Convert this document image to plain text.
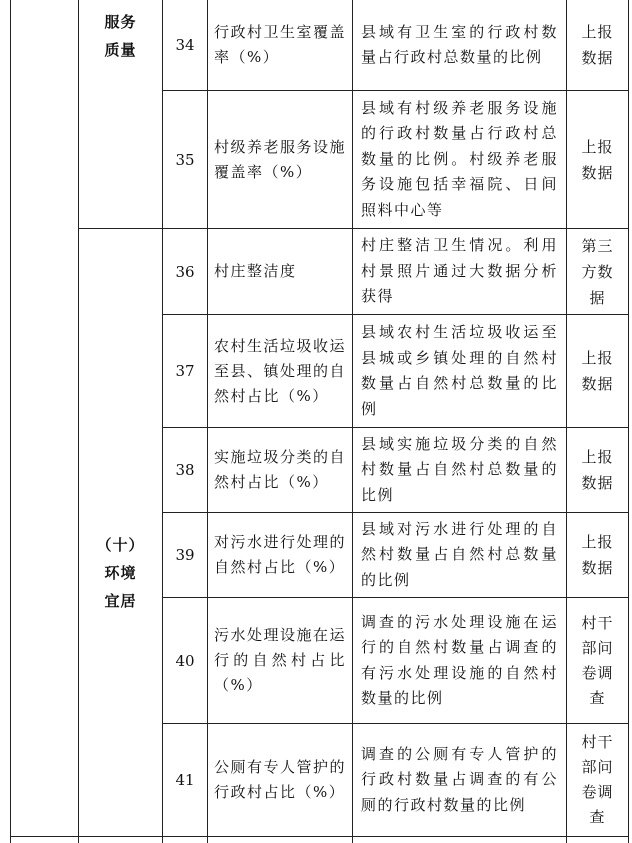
服务
质量
（十）
环境
宜居
34
行政村卫生室覆盖率（%）
县域有卫生室的行政村数量占行政村总数量的比例
上报
数据
35
村级养老服务设施覆盖率（%）
县域有村级养老服务设施的行政村数量占行政村总数量的比例。村级养老服务设施包括幸福院、日间照料中心等
上报
数据
36 村庄整洁度
村庄整洁卫生情况。利用村景照片通过大数据分析获得
第三
方数
据
37
农村生活垃圾收运至县、镇处理的自然村占比（%）
县域农村生活垃圾收运至县城或乡镇处理的自然村数量占自然村总数量的比例
上报
数据
38
实施垃圾分类的自然村占比（%）
县域实施垃圾分类的自然村数量占自然村总数量的比例
上报
数据
39
对污水进行处理的自然村占比（%）
县域对污水进行处理的自然村数量占自然村总数量的比例
上报
数据
40
污水处理设施在运行的自然村占比（%）
调查的污水处理设施在运行的自然村数量占调查的有污水处理设施的自然村数量的比例
村干
部问
卷调
查
41
公厕有专人管护的行政村占比（%）
调查的公厕有专人管护的行政村数量占调查的有公厕的行政村数量的比例
村干
部问
卷调
查
